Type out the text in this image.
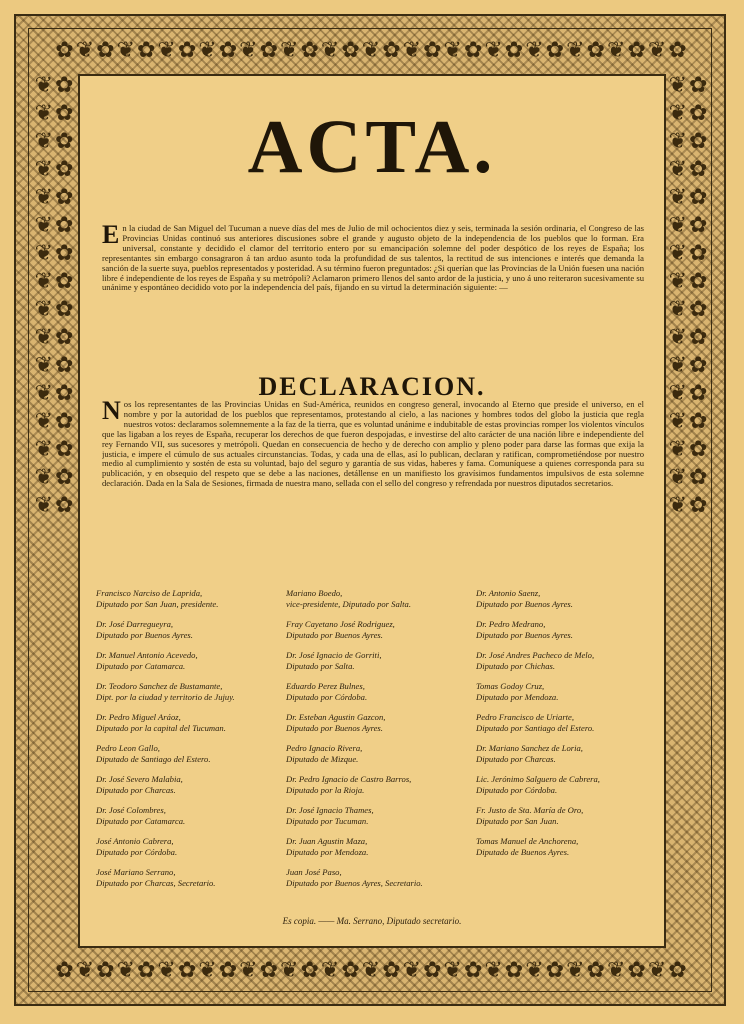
✿❦✿❦✿❦✿❦✿❦✿❦✿❦✿❦✿❦✿❦✿❦✿❦✿❦✿❦✿❦✿
✿❦✿❦✿❦✿❦✿❦✿❦✿❦✿❦✿❦✿❦✿❦✿❦✿❦✿❦✿❦✿
❦✿❦✿❦✿❦✿❦✿❦✿❦✿❦✿❦✿❦✿❦✿❦✿❦✿❦✿❦✿❦✿
❦✿❦✿❦✿❦✿❦✿❦✿❦✿❦✿❦✿❦✿❦✿❦✿❦✿❦✿❦✿❦✿
ACTA.
En la ciudad de San Miguel del Tucuman a nueve días del mes de Julio de mil ochocientos diez y seis, terminada la sesión ordinaria, el Congreso de las Provincias Unidas continuó sus anteriores discusiones sobre el grande y augusto objeto de la independencia de los pueblos que lo forman. Era universal, constante y decidido el clamor del territorio entero por su emancipación solemne del poder despótico de los reyes de España; los representantes sin embargo consagraron á tan arduo asunto toda la profundidad de sus talentos, la rectitud de sus intenciones e interés que demanda la sanción de la suerte suya, pueblos representados y posteridad. A su término fueron preguntados: ¿Si querían que las Provincias de la Unión fuesen una nación libre é independiente de los reyes de España y su metrópoli? Aclamaron primero llenos del santo ardor de la justicia, y uno á uno reiteraron sucesivamente su unánime y espontáneo decidido voto por la independencia del país, fijando en su virtud la determinación siguiente: —
DECLARACION.
Nos los representantes de las Provincias Unidas en Sud-América, reunidos en congreso general, invocando al Eterno que preside el universo, en el nombre y por la autoridad de los pueblos que representamos, protestando al cielo, a las naciones y hombres todos del globo la justicia que regla nuestros votos: declaramos solemnemente a la faz de la tierra, que es voluntad unánime e indubitable de estas provincias romper los violentos vínculos que las ligaban a los reyes de España, recuperar los derechos de que fueron despojadas, e investirse del alto carácter de una nación libre e independiente del rey Fernando VII, sus sucesores y metrópoli. Quedan en consecuencia de hecho y de derecho con amplio y pleno poder para darse las formas que exija la justicia, e impere el cúmulo de sus actuales circunstancias. Todas, y cada una de ellas, así lo publican, declaran y ratifican, comprometiéndose por nuestro medio al cumplimiento y sostén de esta su voluntad, bajo del seguro y garantía de sus vidas, haberes y fama. Comuníquese a quienes corresponda para su publicación, y en obsequio del respeto que se debe a las naciones, detállense en un manifiesto los gravísimos fundamentos impulsivos de esta solemne declaración. Dada en la Sala de Sesiones, firmada de nuestra mano, sellada con el sello del congreso y refrendada por nuestros diputados secretarios.
Francisco Narciso de Laprida,
Diputado por San Juan, presidente.
Mariano Boedo,
vice-presidente, Diputado por Salta.
Dr. Antonio Saenz,
Diputado por Buenos Ayres.
Dr. José Darregueyra,
Diputado por Buenos Ayres.
Fray Cayetano José Rodriguez,
Diputado por Buenos Ayres.
Dr. Pedro Medrano,
Diputado por Buenos Ayres.
Dr. Manuel Antonio Acevedo,
Diputado por Catamarca.
Dr. José Ignacio de Gorriti,
Diputado por Salta.
Dr. José Andres Pacheco de Melo,
Diputado por Chichas.
Dr. Teodoro Sanchez de Bustamante,
Dipt. por la ciudad y territorio de Jujuy.
Eduardo Perez Bulnes,
Diputado por Córdoba.
Tomas Godoy Cruz,
Diputado por Mendoza.
Dr. Pedro Miguel Aráoz,
Diputado por la capital del Tucuman.
Dr. Esteban Agustin Gazcon,
Diputado por Buenos Ayres.
Pedro Francisco de Uriarte,
Diputado por Santiago del Estero.
Pedro Leon Gallo,
Diputado de Santiago del Estero.
Pedro Ignacio Rivera,
Diputado de Mizque.
Dr. Mariano Sanchez de Loria,
Diputado por Charcas.
Dr. José Severo Malabia,
Diputado por Charcas.
Dr. Pedro Ignacio de Castro Barros,
Diputado por la Rioja.
Lic. Jerónimo Salguero de Cabrera,
Diputado por Córdoba.
Dr. José Colombres,
Diputado por Catamarca.
Dr. José Ignacio Thames,
Diputado por Tucuman.
Fr. Justo de Sta. María de Oro,
Diputado por San Juan.
José Antonio Cabrera,
Diputado por Córdoba.
Dr. Juan Agustin Maza,
Diputado por Mendoza.
Tomas Manuel de Anchorena,
Diputado de Buenos Ayres.
José Mariano Serrano,
Diputado por Charcas, Secretario.
Juan José Paso,
Diputado por Buenos Ayres, Secretario.
Es copia. —— Ma. Serrano, Diputado secretario.
